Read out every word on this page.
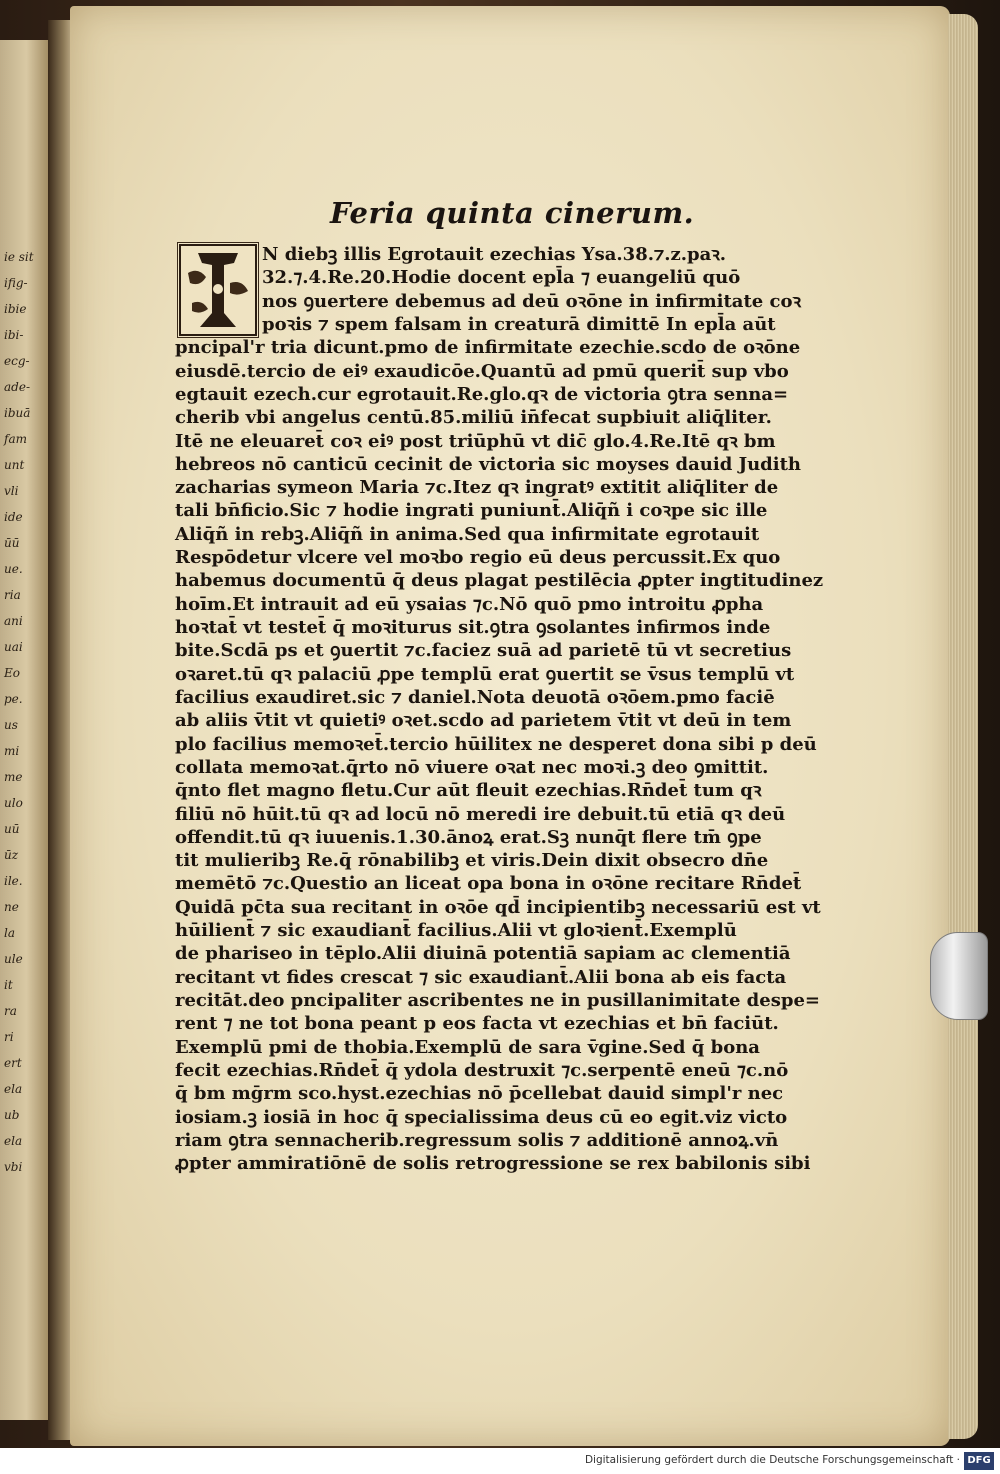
ie sit
ifig-
ibie
ibi-
ecg-
ade-
ibuā
fam
unt
vli
ide
ūū
ue.
ria
ani
uai
Eo
pe.
us
mi
me
ulo
uū
ūz
ile.
ne
la
ule
it
ra
ri
ert
ela
ub
ela
vbi
Feria quinta cinerum.
N diebꝫ illis Egrotauit ezechias Ysa.38.⁊.z.paꝛ.
32.⁊.4.Re.20.Hodie docent epl̄a ⁊ euangeliū quō
nos ꝯuertere debemus ad deū oꝛōne in infirmitate coꝛ
poꝛis ⁊ spem falsam in creaturā dimittē In epl̄a aūt
pncipal'r tria dicunt.pmo de infirmitate ezechie.scdo de oꝛōne
eiusdē.tercio de eiꝰ exaudicōe.Quantū ad pmū querit̄ sup vbo
egtauit ezech.cur egrotauit.Re.glo.qꝛ de victoria ꝯtra senna=
cherib vbi angelus centū.85.miliū in̄fecat supbiuit aliq̄liter.
Itē ne eleuaret̄ coꝛ eiꝰ post triūphū vt dic̄ glo.4.Re.Itē qꝛ bm
hebreos nō canticū cecinit de victoria sic moyses dauid Judith
zacharias symeon Maria ⁊c.Itez qꝛ ingratꝰ extitit aliq̄liter de
tali bn̄ficio.Sic ⁊ hodie ingrati puniunt̄.Aliq̄ñ i coꝛpe sic ille
Aliq̄ñ in rebꝫ.Aliq̄ñ in anima.Sed qua infirmitate egrotauit
Respōdetur vlcere vel moꝛbo regio eū deus percussit.Ex quo
habemus documentū q̄ deus plagat pestilēcia ꝓpter ingtitudinez
hoīm.Et intrauit ad eū ysaias ⁊c.Nō quō pmo introitu ꝓpha
hoꝛtat̄ vt testet̄ q̄ moꝛiturus sit.ꝯtra ꝯsolantes infirmos inde
bite.Scdā ps et ꝯuertit ⁊c.faciez suā ad parietē tū vt secretius
oꝛaret.tū qꝛ palaciū ꝓpe templū erat ꝯuertit se v̄sus templū vt
facilius exaudiret.sic ⁊ daniel.Nota deuotā oꝛōem.pmo faciē
ab aliis v̄tit vt quietiꝰ oꝛet.scdo ad parietem v̄tit vt deū in tem
plo facilius memoꝛet̄.tercio hūilitex ne desperet dona sibi p deū
collata memoꝛat.q̄rto nō viuere oꝛat nec moꝛi.ꝫ deo ꝯmittit.
q̄nto flet magno fletu.Cur aūt fleuit ezechias.Rn̄det̄ tum qꝛ
filiū nō hūit.tū qꝛ ad locū nō meredi ire debuit.tū etiā qꝛ deū
offendit.tū qꝛ iuuenis.1.30.ānoꝝ erat.Sꝫ nunq̄t flere tm̄ ꝯpe
tit mulieribꝫ Re.q̄ rōnabilibꝫ et viris.Dein dixit obsecro dn̄e
memētō ⁊c.Questio an liceat opa bona in oꝛōne recitare Rn̄det̄
Quidā pc̄ta sua recitant in oꝛōe qd̄ incipientibꝫ necessariū est vt
hūilient̄ ⁊ sic exaudiant̄ facilius.Alii vt gloꝛient̄.Exemplū
de phariseo in tēplo.Alii diuinā potentiā sapiam ac clementiā
recitant vt fides crescat ⁊ sic exaudiant̄.Alii bona ab eis facta
recitāt.deo pncipaliter ascribentes ne in pusillanimitate despe=
rent ⁊ ne tot bona peant p eos facta vt ezechias et bn̄ faciūt.
Exemplū pmi de thobia.Exemplū de sara v̄gine.Sed q̄ bona
fecit ezechias.Rn̄det̄ q̄ ydola destruxit ⁊c.serpentē eneū ⁊c.nō
q̄ bm mḡrm sco.hyst.ezechias nō p̄cellebat dauid simpl'r nec
iosiam.ꝫ iosiā in hoc q̄ specialissima deus cū eo egit.viz victo
riam ꝯtra sennacherib.regressum solis ⁊ additionē annoꝝ.vn̄
ꝓpter ammiratiōnē de solis retrogressione se rex babilonis sibi
Digitalisierung gefördert durch die Deutsche Forschungsgemeinschaft · DFG
